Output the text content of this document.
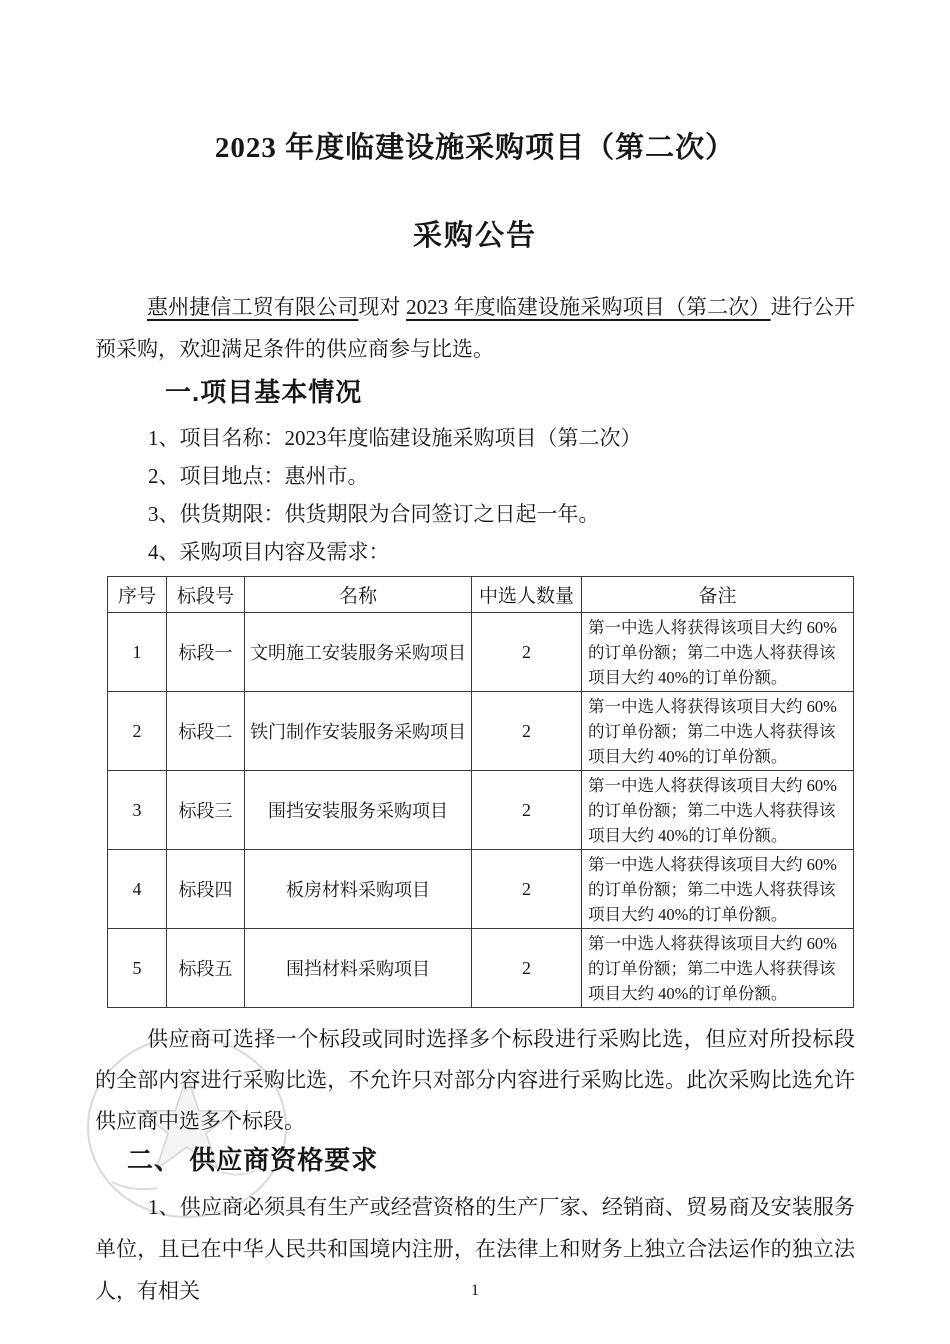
2023 年度临建设施采购项目（第二次）
采购公告

惠州捷信工贸有限公司现对 2023 年度临建设施采购项目（第二次）进行公开预采购，欢迎满足条件的供应商参与比选。

一.项目基本情况

1、项目名称：2023年度临建设施采购项目（第二次）

2、项目地点：惠州市。

3、供货期限：供货期限为合同签订之日起一年。

4、采购项目内容及需求：

序号	标段号	名称	中选人数量	备注
1	标段一	文明施工安装服务采购项目	2	第一中选人将获得该项目大约 60%的订单份额；第二中选人将获得该项目大约 40%的订单份额。
2	标段二	铁门制作安装服务采购项目	2	第一中选人将获得该项目大约 60%的订单份额；第二中选人将获得该项目大约 40%的订单份额。
3	标段三	围挡安装服务采购项目	2	第一中选人将获得该项目大约 60%的订单份额；第二中选人将获得该项目大约 40%的订单份额。
4	标段四	板房材料采购项目	2	第一中选人将获得该项目大约 60%的订单份额；第二中选人将获得该项目大约 40%的订单份额。
5	标段五	围挡材料采购项目	2	第一中选人将获得该项目大约 60%的订单份额；第二中选人将获得该项目大约 40%的订单份额。

供应商可选择一个标段或同时选择多个标段进行采购比选，但应对所投标段的全部内容进行采购比选，不允许只对部分内容进行采购比选。此次采购比选允许供应商中选多个标段。

二、 供应商资格要求

1、供应商必须具有生产或经营资格的生产厂家、经销商、贸易商及安装服务单位，且已在中华人民共和国境内注册，在法律上和财务上独立合法运作的独立法人，有相关	1
